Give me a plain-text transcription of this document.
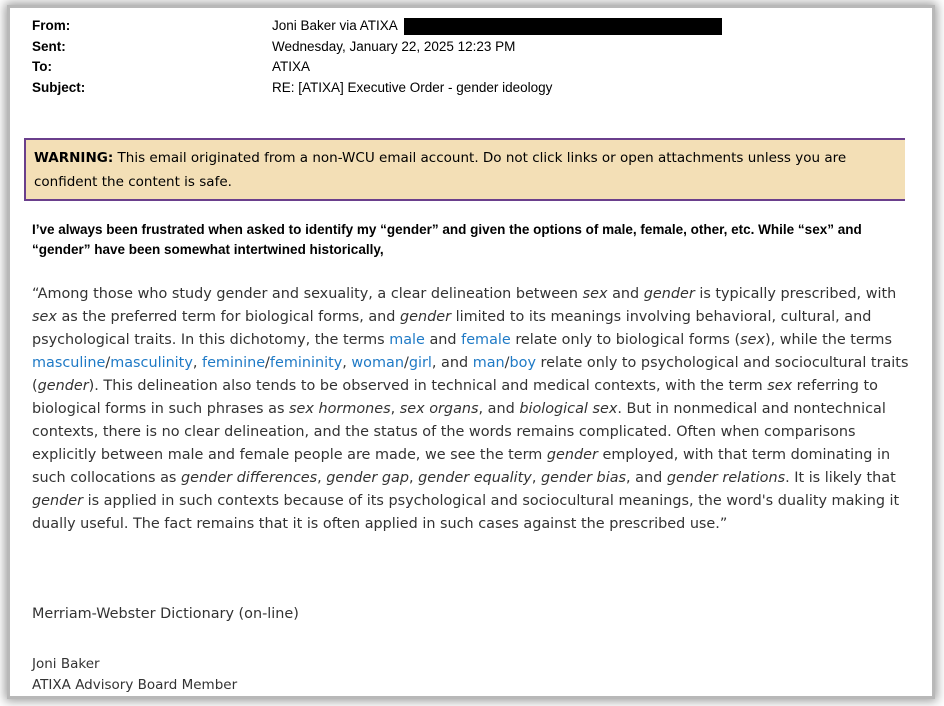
From:	Joni Baker via ATIXA
Sent:	Wednesday, January 22, 2025 12:23 PM
To:	ATIXA
Subject:	RE: [ATIXA] Executive Order - gender ideology
WARNING: This email originated from a non-WCU email account. Do not click links or open attachments unless you are confident the content is safe.
I’ve always been frustrated when asked to identify my “gender” and given the options of male, female, other, etc. While “sex” and “gender” have been somewhat intertwined historically,
“Among those who study gender and sexuality, a clear delineation between sex and gender is typically prescribed, with sex as the preferred term for biological forms, and gender limited to its meanings involving behavioral, cultural, and psychological traits. In this dichotomy, the terms male and female relate only to biological forms (sex), while the terms masculine/masculinity, feminine/femininity, woman/girl, and man/boy relate only to psychological and sociocultural traits (gender). This delineation also tends to be observed in technical and medical contexts, with the term sex referring to biological forms in such phrases as sex hormones, sex organs, and biological sex. But in nonmedical and nontechnical contexts, there is no clear delineation, and the status of the words remains complicated. Often when comparisons explicitly between male and female people are made, we see the term gender employed, with that term dominating in such collocations as gender differences, gender gap, gender equality, gender bias, and gender relations. It is likely that gender is applied in such contexts because of its psychological and sociocultural meanings, the word's duality making it dually useful. The fact remains that it is often applied in such cases against the prescribed use.”
Merriam-Webster Dictionary (on-line)
Joni Baker
ATIXA Advisory Board Member
